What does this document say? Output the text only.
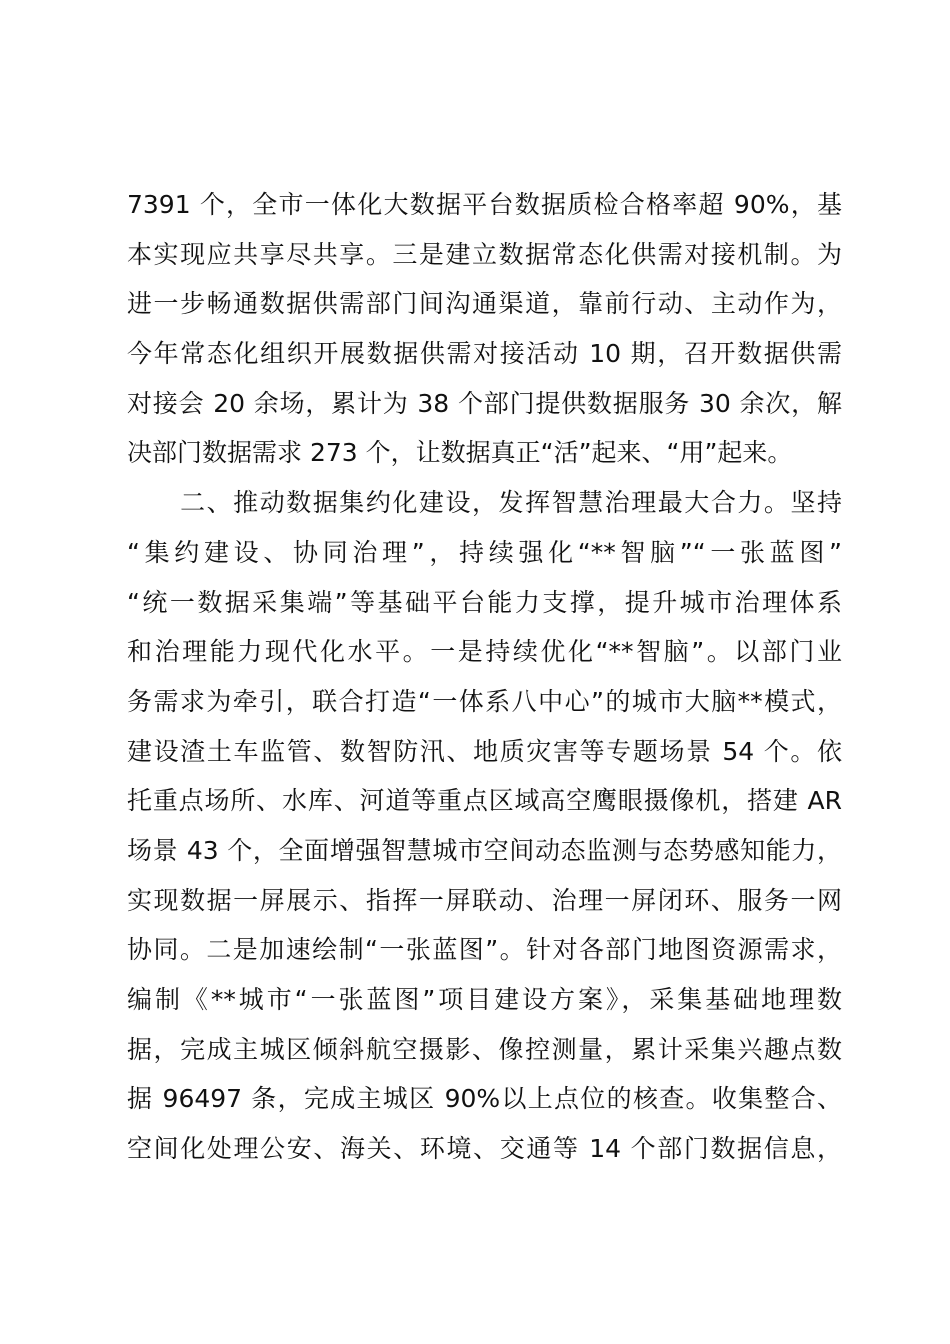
7391 个，全市一体化大数据平台数据质检合格率超 90%，基
本实现应共享尽共享。三是建立数据常态化供需对接机制。为
进一步畅通数据供需部门间沟通渠道，靠前行动、主动作为，
今年常态化组织开展数据供需对接活动 10 期，召开数据供需
对接会 20 余场，累计为 38 个部门提供数据服务 30 余次，解
决部门数据需求 273 个，让数据真正“活”起来、“用”起来。
　　二、推动数据集约化建设，发挥智慧治理最大合力。坚持
“集约建设、协同治理”，持续强化“**智脑”“一张蓝图”
“统一数据采集端”等基础平台能力支撑，提升城市治理体系
和治理能力现代化水平。一是持续优化“**智脑”。以部门业
务需求为牵引，联合打造“一体系八中心”的城市大脑**模式，
建设渣土车监管、数智防汛、地质灾害等专题场景 54 个。依
托重点场所、水库、河道等重点区域高空鹰眼摄像机，搭建 AR
场景 43 个，全面增强智慧城市空间动态监测与态势感知能力，
实现数据一屏展示、指挥一屏联动、治理一屏闭环、服务一网
协同。二是加速绘制“一张蓝图”。针对各部门地图资源需求，
编制《**城市“一张蓝图”项目建设方案》，采集基础地理数
据，完成主城区倾斜航空摄影、像控测量，累计采集兴趣点数
据 96497 条，完成主城区 90%以上点位的核查。收集整合、
空间化处理公安、海关、环境、交通等 14 个部门数据信息，
